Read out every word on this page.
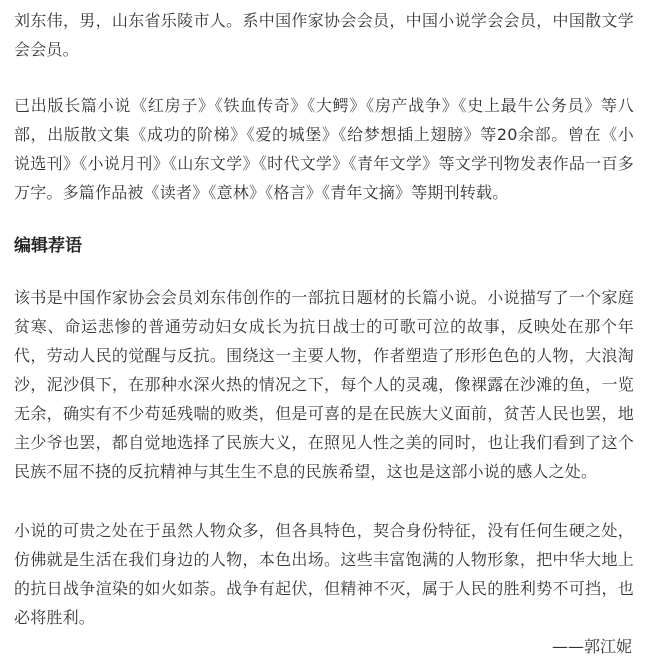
刘东伟，男，山东省乐陵市人。系中国作家协会会员，中国小说学会会员，中国散文学会会员。

已出版长篇小说《红房子》《铁血传奇》《大鳄》《房产战争》《史上最牛公务员》等八部，出版散文集《成功的阶梯》《爱的城堡》《给梦想插上翅膀》等20余部。曾在《小说选刊》《小说月刊》《山东文学》《时代文学》《青年文学》等文学刊物发表作品一百多万字。多篇作品被《读者》《意林》《格言》《青年文摘》等期刊转载。

编辑荐语

该书是中国作家协会会员刘东伟创作的一部抗日题材的长篇小说。小说描写了一个家庭贫寒、命运悲惨的普通劳动妇女成长为抗日战士的可歌可泣的故事，反映处在那个年代，劳动人民的觉醒与反抗。围绕这一主要人物，作者塑造了形形色色的人物，大浪淘沙，泥沙俱下，在那种水深火热的情况之下，每个人的灵魂，像裸露在沙滩的鱼，一览无余，确实有不少苟延残喘的败类，但是可喜的是在民族大义面前，贫苦人民也罢，地主少爷也罢，都自觉地选择了民族大义，在照见人性之美的同时，也让我们看到了这个民族不屈不挠的反抗精神与其生生不息的民族希望，这也是这部小说的感人之处。

小说的可贵之处在于虽然人物众多，但各具特色，契合身份特征，没有任何生硬之处，仿佛就是生活在我们身边的人物，本色出场。这些丰富饱满的人物形象，把中华大地上的抗日战争渲染的如火如荼。战争有起伏，但精神不灭，属于人民的胜利势不可挡，也必将胜利。

——郭江妮
